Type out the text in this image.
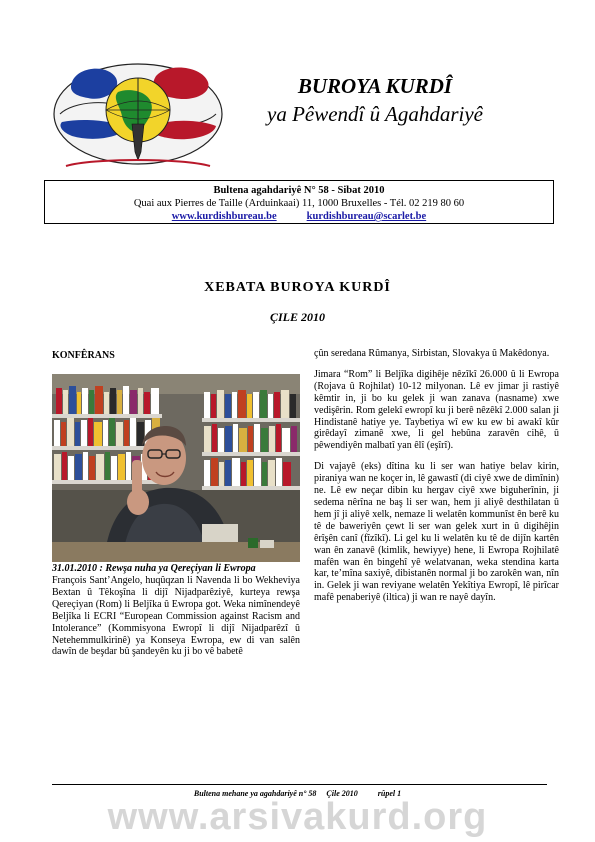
BUROYA KURDÎ
ya Pêwendî û Agahdariyê
Bultena agahdariyê N° 58 - Sibat 2010
Quai aux Pierres de Taille (Arduinkaai) 11, 1000 Bruxelles - Tél. 02 219 80 60
www.kurdishbureau.be	kurdishbureau@scarlet.be
XEBATA BUROYA KURDÎ
ÇILE 2010
KONFÊRANS
31.01.2010 : Rewşa nuha ya Qereçiyan li Ewropa

François Sant’Angelo, huqûqzan li Navenda li bo Wekheviya Bextan û Têkoşîna li dijî Nijadparêziyê, kurteya rewşa Qereçiyan (Rom) li Beljîka û Ewropa got. Weka nimînendeyê Beljîka li ECRI “European Commission against Racism and Intolerance” (Kommisyona Ewropî li dijî Nijadparêzî û Netehemmulkirinê) ya Konseya Ewropa, ew di van salên dawîn de beşdar bû şandeyên ku ji bo vê babetê

çûn seredana Rûmanya, Sirbistan, Slovakya û Makêdonya.

Jimara “Rom” li Beljîka digihêje nêzîkî 26.000 û li Ewropa (Rojava û Rojhilat) 10-12 milyonan. Lê ev jimar ji rastiyê kêmtir in, ji bo ku gelek ji wan zanava (nasname) xwe vedişêrin. Rom gelekî ewropî ku ji berê nêzêkî 2.000 salan ji Hindistanê hatiye ye. Taybetiya wî ew ku ew bi awakî kûr girêdayî zimanê xwe, li gel hebûna zaravên cihê, û pêwendiyên malbatî yan êlî (eşîrî).

Di vajayê (eks) dîtina ku li ser wan hatiye belav kirin, piraniya wan ne koçer in, lê gawastî (di ciyê xwe de dimînin) ne. Lê ew neçar dibin ku hergav ciyê xwe biguherînin, ji sedema nêrîna ne baş li ser wan, hem ji aliyê desthilatan û hem jî ji aliyê xelk, nemaze li welatên kommunîst ên berê ku tê de baweriyên çewt li ser wan gelek xurt in û digihêjin êrîşên canî (fîzîkî). Li gel ku li welatên ku tê de dijîn kartên wan ên zanavê (kimlik, hewiyye) hene, li Ewropa Rojhilatê mafên wan ên bingehî yê welatvanan, weka stendina karta kar, te’mîna saxiyê, dibistanên normal ji bo zarokên wan, nîn in. Gelek ji wan reviyane welatên Yekîtiya Ewropî, lê pirîcar mafê penaberiyê (iltica) ji wan re nayê dayîn.

Bultena mehane ya agahdariyê n° 58     Çile 2010          rûpel 1
www.arsivakurd.org
